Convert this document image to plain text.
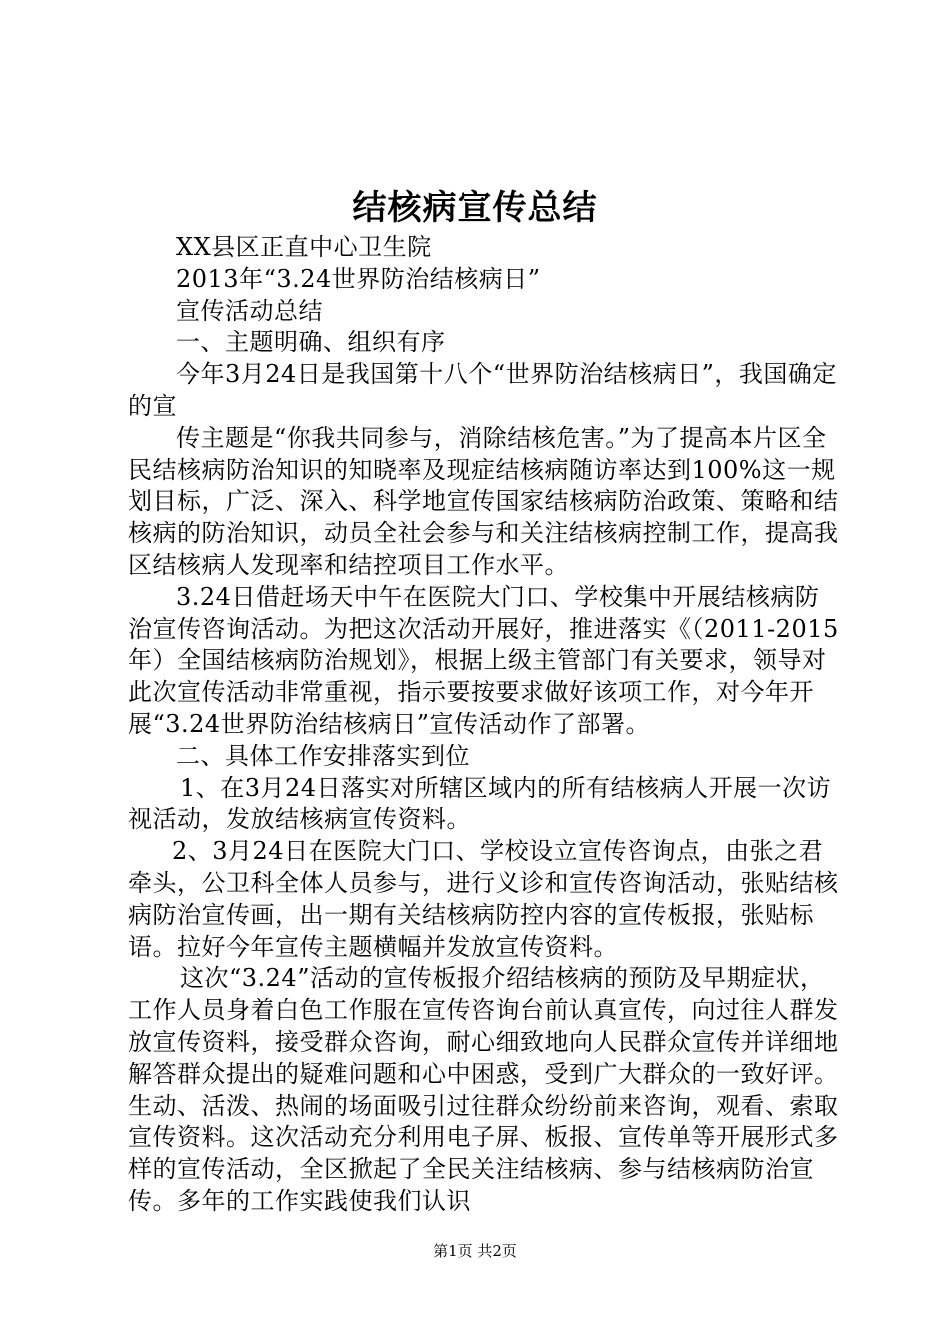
结核病宣传总结

XX县区正直中心卫生院

2013年“3.24世界防治结核病日”

宣传活动总结

一、主题明确、组织有序

今年3月24日是我国第十八个“世界防治结核病日”，我国确定的宣

传主题是“你我共同参与，消除结核危害。”为了提高本片区全民结核病防治知识的知晓率及现症结核病随访率达到100%这一规划目标，广泛、深入、科学地宣传国家结核病防治政策、策略和结核病的防治知识，动员全社会参与和关注结核病控制工作，提高我区结核病人发现率和结控项目工作水平。

3.24日借赶场天中午在医院大门口、学校集中开展结核病防治宣传咨询活动。为把这次活动开展好，推进落实《（2011-2015年）全国结核病防治规划》，根据上级主管部门有关要求，领导对此次宣传活动非常重视，指示要按要求做好该项工作，对今年开展“3.24世界防治结核病日”宣传活动作了部署。

二、具体工作安排落实到位

1、在3月24日落实对所辖区域内的所有结核病人开展一次访视活动，发放结核病宣传资料。

2、3月24日在医院大门口、学校设立宣传咨询点，由张之君牵头，公卫科全体人员参与，进行义诊和宣传咨询活动，张贴结核病防治宣传画，出一期有关结核病防控内容的宣传板报，张贴标语。拉好今年宣传主题横幅并发放宣传资料。

这次“3.24”活动的宣传板报介绍结核病的预防及早期症状，工作人员身着白色工作服在宣传咨询台前认真宣传，向过往人群发放宣传资料，接受群众咨询，耐心细致地向人民群众宣传并详细地解答群众提出的疑难问题和心中困惑，受到广大群众的一致好评。生动、活泼、热闹的场面吸引过往群众纷纷前来咨询，观看、索取宣传资料。这次活动充分利用电子屏、板报、宣传单等开展形式多样的宣传活动，全区掀起了全民关注结核病、参与结核病防治宣传。多年的工作实践使我们认识

第1页 共2页
